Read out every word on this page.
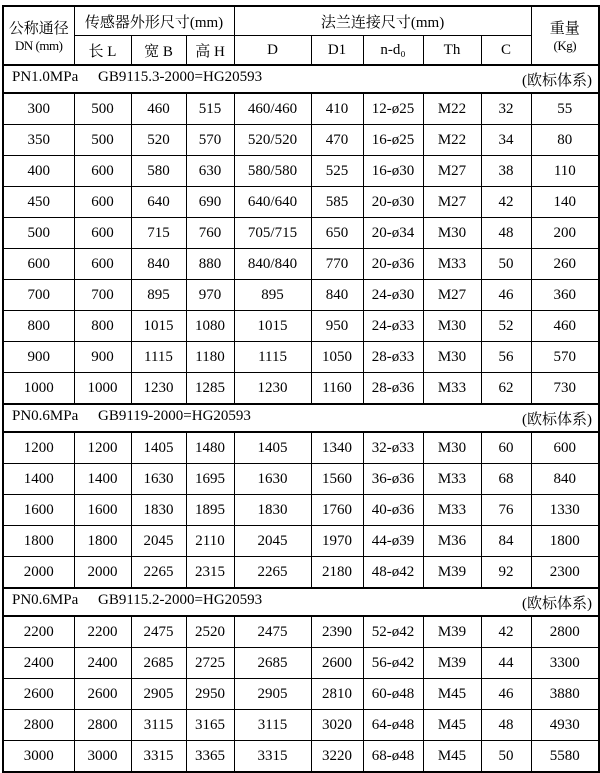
公称通径
DN (mm)
	传感器外形尺寸(mm)	法兰连接尺寸(mm)	重量
(Kg)

	长 L	宽 B	高 H	D	D1	n-d₀	Th	C	
PN1.0MPa GB9115.3-2000=HG20593 (欧标体系)									

300	500	460	515	460/460	410	12-ø25	M22	32	55
350	500	520	570	520/520	470	16-ø25	M22	34	80
400	600	580	630	580/580	525	16-ø30	M27	38	110
450	600	640	690	640/640	585	20-ø30	M27	42	140
500	600	715	760	705/715	650	20-ø34	M30	48	200
600	600	840	880	840/840	770	20-ø36	M33	50	260
700	700	895	970	895	840	24-ø30	M27	46	360
800	800	1015	1080	1015	950	24-ø33	M30	52	460
900	900	1115	1180	1115	1050	28-ø33	M30	56	570
1000	1000	1230	1285	1230	1160	28-ø36	M33	62	730
PN0.6MPa GB9119-2000=HG20593 (欧标体系)									

1200	1200	1405	1480	1405	1340	32-ø33	M30	60	600
1400	1400	1630	1695	1630	1560	36-ø36	M33	68	840
1600	1600	1830	1895	1830	1760	40-ø36	M33	76	1330
1800	1800	2045	2110	2045	1970	44-ø39	M36	84	1800
2000	2000	2265	2315	2265	2180	48-ø42	M39	92	2300
PN0.6MPa GB9115.2-2000=HG20593 (欧标体系)									

2200	2200	2475	2520	2475	2390	52-ø42	M39	42	2800
2400	2400	2685	2725	2685	2600	56-ø42	M39	44	3300
2600	2600	2905	2950	2905	2810	60-ø48	M45	46	3880
2800	2800	3115	3165	3115	3020	64-ø48	M45	48	4930
3000	3000	3315	3365	3315	3220	68-ø48	M45	50	5580
